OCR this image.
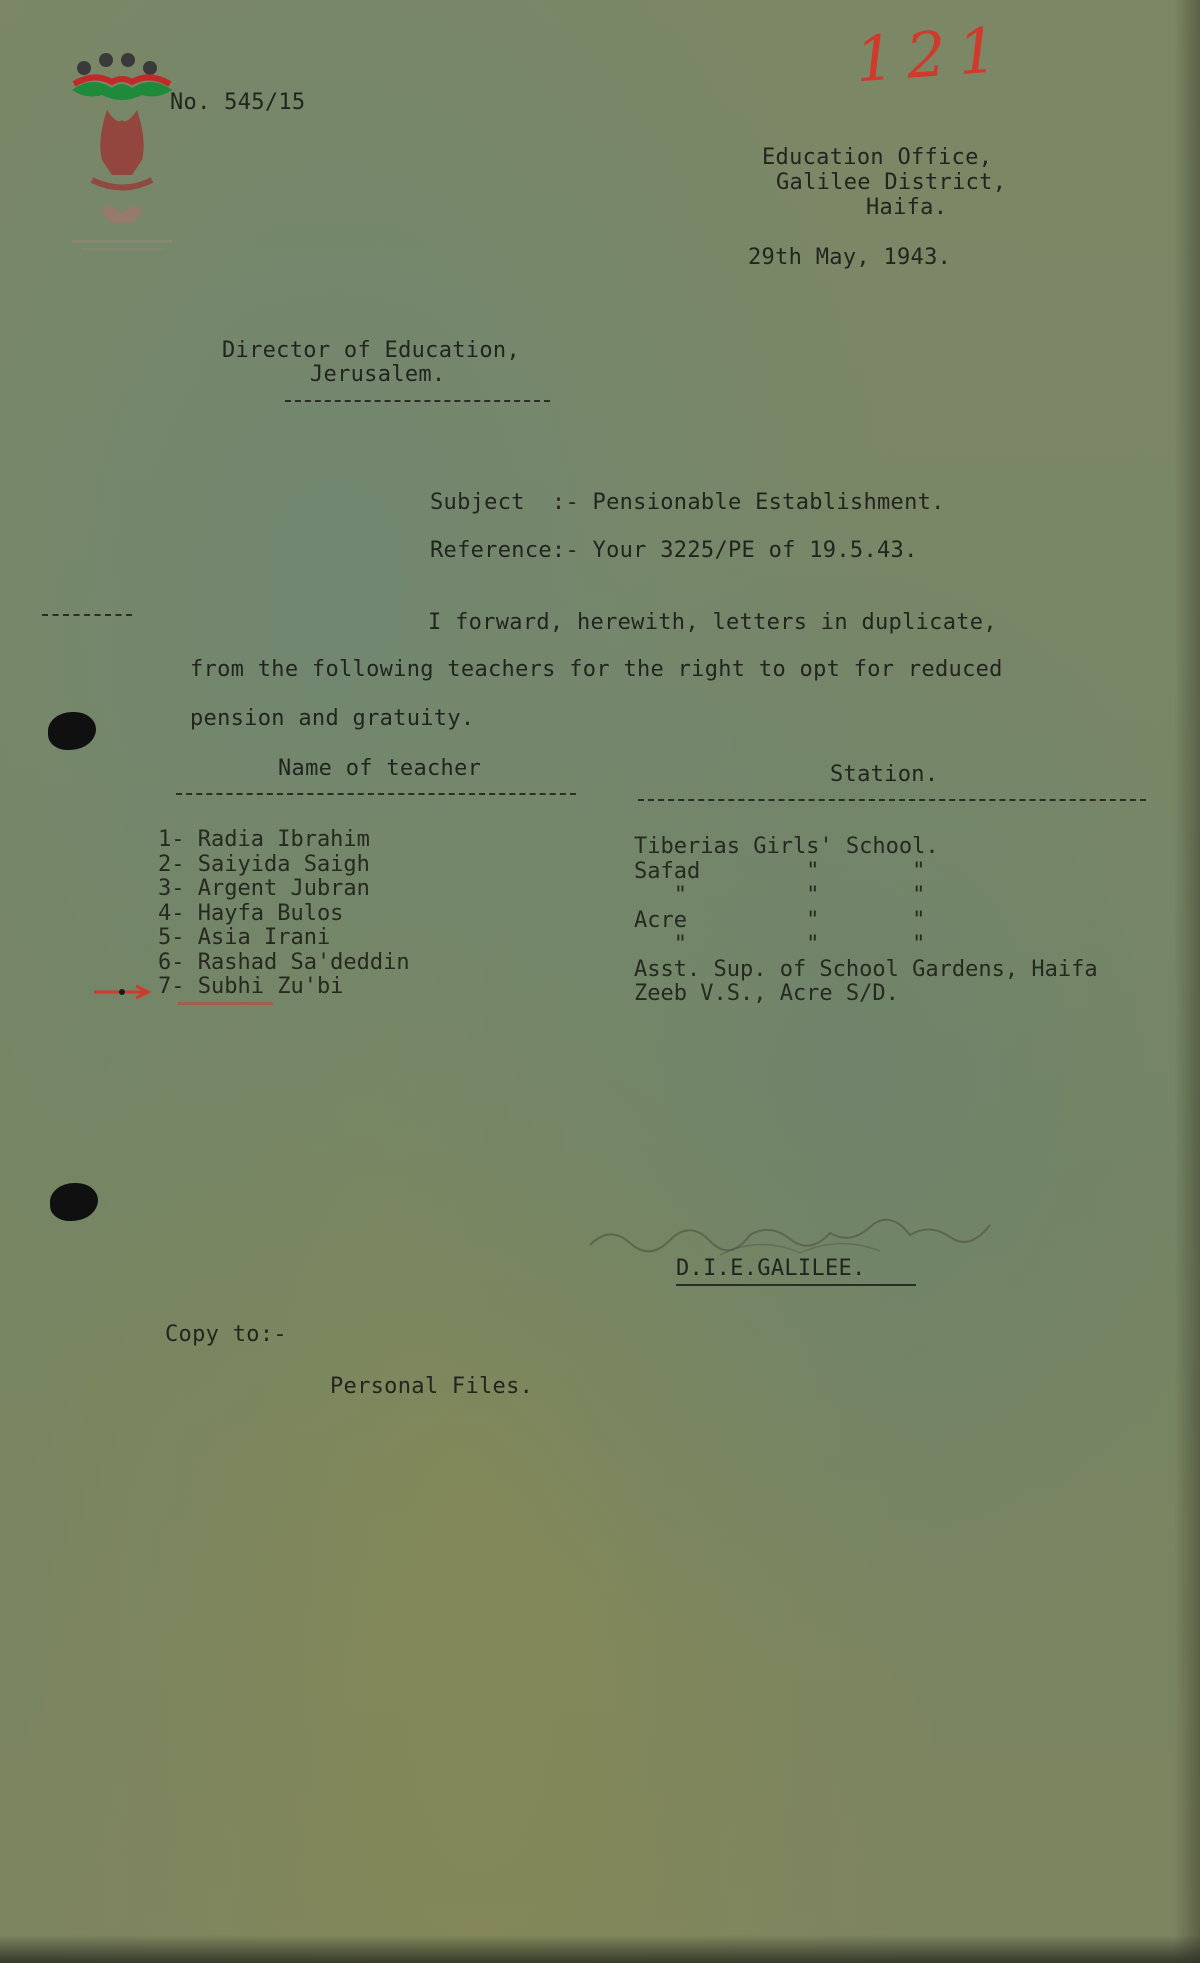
121
No. 545/15
Education Office,
Galilee District,
Haifa.
29th May, 1943.
Director of Education,
Jerusalem.
Subject  :- Pensionable Establishment.
Reference:- Your 3225/PE of 19.5.43.
I forward, herewith, letters in duplicate,
from the following teachers for the right to opt for reduced
pension and gratuity.
Name of teacher	Station.
1- Radia Ibrahim
2- Saiyida Saigh
3- Argent Jubran
4- Hayfa Bulos
5- Asia Irani
6- Rashad Sa'deddin
7- Subhi Zu'bi
Tiberias Girls' School.
Safad        "       "
"         "       "
Acre         "       "
"         "       "
Asst. Sup. of School Gardens, Haifa
Zeeb V.S., Acre S/D.
D.I.E.GALILEE.
Copy to:-
Personal Files.
